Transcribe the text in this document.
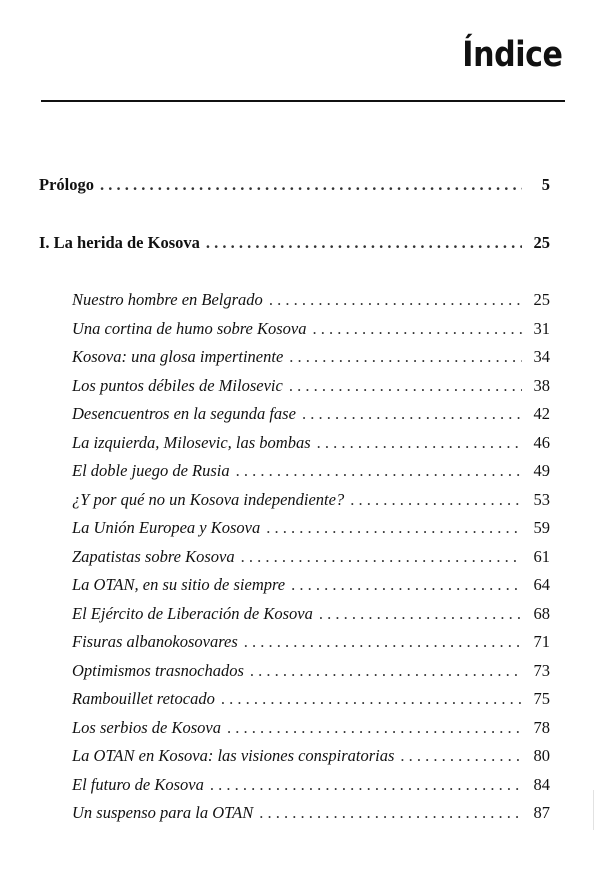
Índice
Prólogo . . .	5
I. La herida de Kosova . . .	25
Nuestro hombre en Belgrado . . .	25
Una cortina de humo sobre Kosova . . .	31
Kosova: una glosa impertinente . . .	34
Los puntos débiles de Milosevic . . .	38
Desencuentros en la segunda fase . . .	42
La izquierda, Milosevic, las bombas . . .	46
El doble juego de Rusia . . .	49
¿Y por qué no un Kosova independiente? . . .	53
La Unión Europea y Kosova . . .	59
Zapatistas sobre Kosova . . .	61
La OTAN, en su sitio de siempre . . .	64
El Ejército de Liberación de Kosova . . .	68
Fisuras albanokosovares . . .	71
Optimismos trasnochados . . .	73
Rambouillet retocado . . .	75
Los serbios de Kosova . . .	78
La OTAN en Kosova: las visiones conspiratorias . . .	80
El futuro de Kosova . . .	84
Un suspenso para la OTAN . . .	87
